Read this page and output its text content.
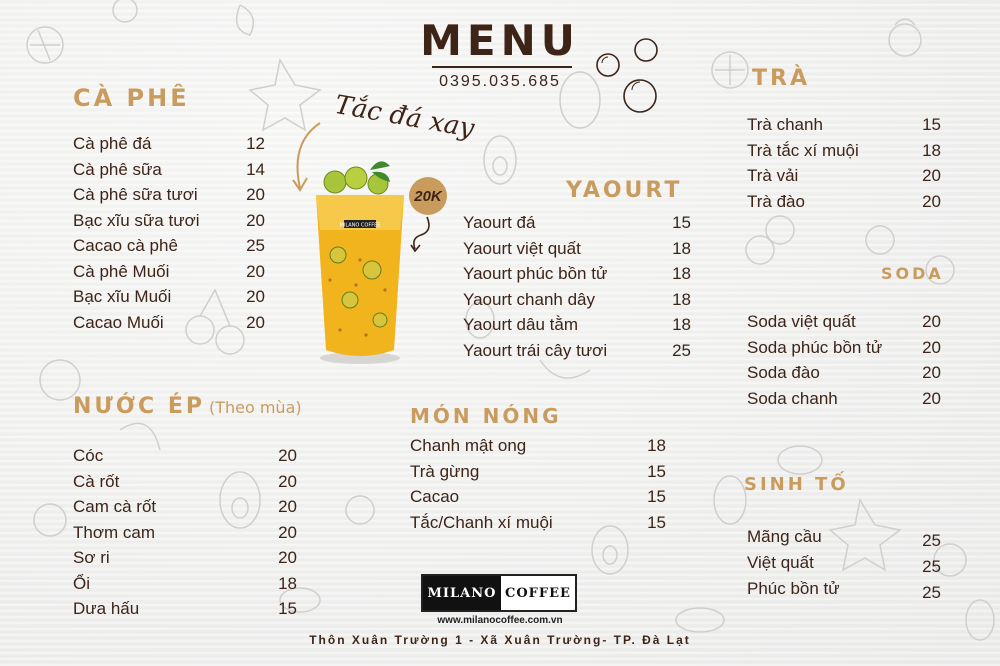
MENU
0395.035.685
Tắc đá xay
MILANO COFFEE
20K
CÀ PHÊ
Cà phê đá	12
Cà phê sữa	14
Cà phê sữa tươi	20
Bạc xĩu sữa tươi	20
Cacao cà phê	25
Cà phê Muối	20
Bạc xĩu Muối	20
Cacao Muối	20
NƯỚC ÉP (Theo mùa)
Cóc	20
Cà rốt	20
Cam cà rốt	20
Thơm cam	20
Sơ ri	20
Ổi	18
Dưa hấu	15
YAOURT
Yaourt đá	15
Yaourt việt quất	18
Yaourt phúc bồn tử	18
Yaourt chanh dây	18
Yaourt dâu tằm	18
Yaourt trái cây tươi	25
MÓN NÓNG
Chanh mật ong	18
Trà gừng	15
Cacao	15
Tắc/Chanh xí muội	15
TRÀ
Trà chanh	15
Trà tắc xí muội	18
Trà vải	20
Trà đào	20
SODA
Soda việt quất	20
Soda phúc bồn tử 20
Soda đào	20
Soda chanh	20
SINH TỐ
Mãng cầu	25
Việt quất	25
Phúc bồn tử	25
MILANO COFFEE
www.milanocoffee.com.vn
Thôn Xuân Trường 1 - Xã Xuân Trường- TP. Đà Lạt
